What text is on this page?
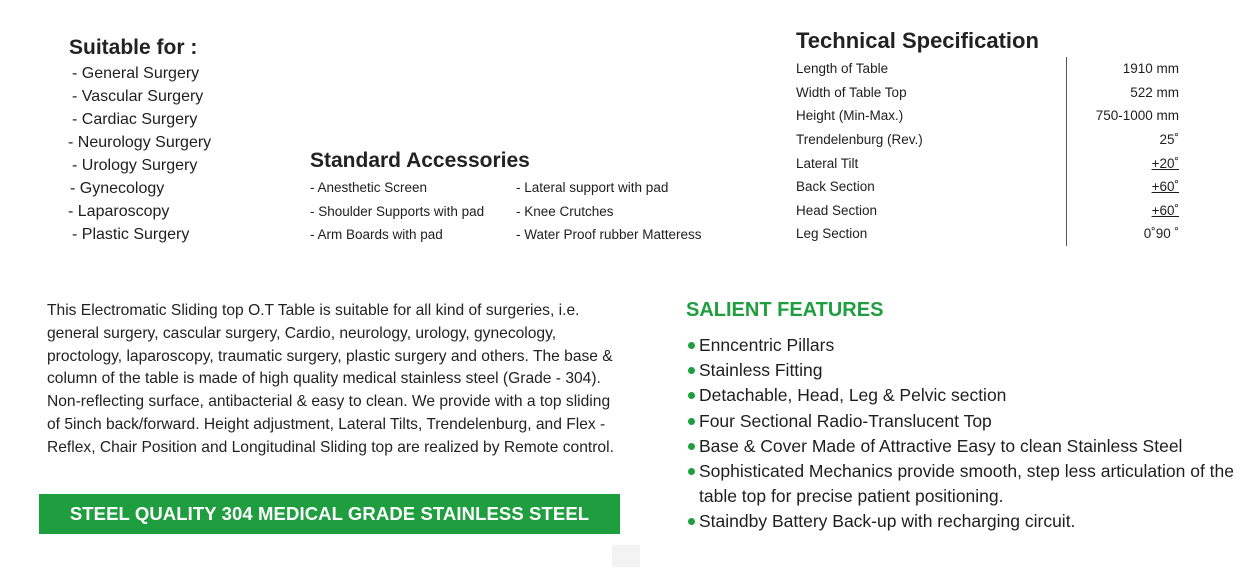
Suitable for :
- General Surgery
- Vascular Surgery
- Cardiac Surgery
- Neurology Surgery
- Urology Surgery
- Gynecology
- Laparoscopy
- Plastic Surgery
Standard Accessories
- Anesthetic Screen	- Lateral support with pad
- Shoulder Supports with pad	- Knee Crutches
- Arm Boards with pad	- Water Proof rubber Matteress
Technical Specification
Length of Table	1910 mm
Width of Table Top	522 mm
Height (Min-Max.)	750-1000 mm
Trendelenburg (Rev.)	25˚
Lateral Tilt	+20˚
Back Section	+60˚
Head Section	+60˚
Leg Section	0˚90 ˚

This Electromatic Sliding top O.T Table is suitable for all kind of surgeries, i.e. general surgery, cascular surgery, Cardio, neurology, urology, gynecology, proctology, laparoscopy, traumatic surgery, plastic surgery and others. The base & column of the table is made of high quality medical stainless steel (Grade - 304). Non-reflecting surface, antibacterial & easy to clean. We provide with a top sliding of 5inch back/forward. Height adjustment, Lateral Tilts, Trendelenburg, and Flex - Reflex, Chair Position and Longitudinal Sliding top are realized by Remote control.

STEEL QUALITY 304 MEDICAL GRADE STAINLESS STEEL
SALIENT FEATURES
Enncentric Pillars
Stainless Fitting
Detachable, Head, Leg & Pelvic section
Four Sectional Radio-Translucent Top
Base & Cover Made of Attractive Easy to clean Stainless Steel
Sophisticated Mechanics provide smooth, step less articulation of the table top for precise patient positioning.
Staindby Battery Back-up with recharging circuit.
